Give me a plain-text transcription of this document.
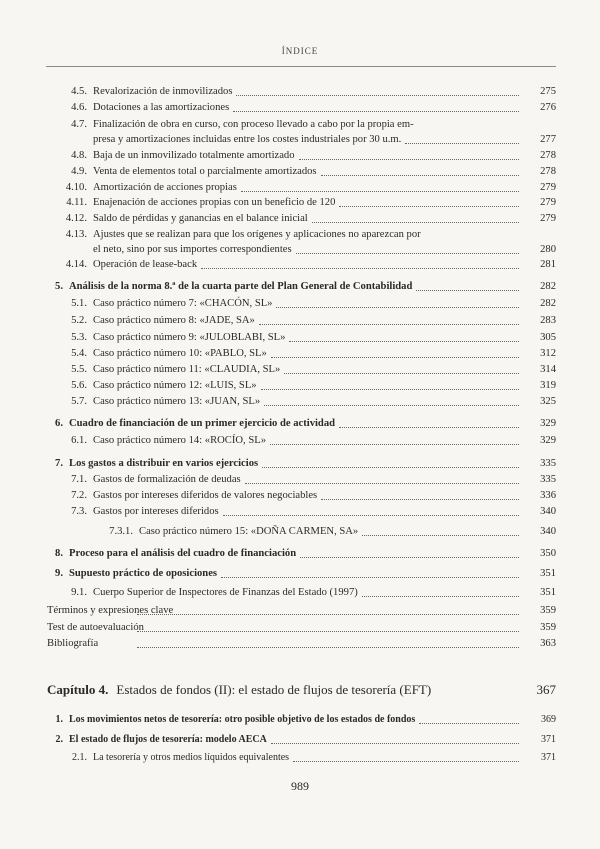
ÍNDICE
4.5. Revalorización de inmovilizados	275
4.6. Dotaciones a las amortizaciones	276
4.7. Finalización de obra en curso, con proceso llevado a cabo por la propia em-
presa y amortizaciones incluidas entre los costes industriales por 30 u.m.	277
4.8. Baja de un inmovilizado totalmente amortizado	278
4.9. Venta de elementos total o parcialmente amortizados	278
4.10. Amortización de acciones propias	279
4.11. Enajenación de acciones propias con un beneficio de 120	279
4.12. Saldo de pérdidas y ganancias en el balance inicial	279
4.13. Ajustes que se realizan para que los orígenes y aplicaciones no aparezcan por
el neto, sino por sus importes correspondientes	280
4.14. Operación de lease-back	281
5. Análisis de la norma 8.ª de la cuarta parte del Plan General de Contabilidad	282
5.1. Caso práctico número 7: «CHACÓN, SL»	282
5.2. Caso práctico número 8: «JADE, SA»	283
5.3. Caso práctico número 9: «JULOBLABI, SL»	305
5.4. Caso práctico número 10: «PABLO, SL»	312
5.5. Caso práctico número 11: «CLAUDIA, SL»	314
5.6. Caso práctico número 12: «LUIS, SL»	319
5.7. Caso práctico número 13: «JUAN, SL»	325
6. Cuadro de financiación de un primer ejercicio de actividad	329
6.1. Caso práctico número 14: «ROCÍO, SL»	329
7. Los gastos a distribuir en varios ejercicios	335
7.1. Gastos de formalización de deudas	335
7.2. Gastos por intereses diferidos de valores negociables	336
7.3. Gastos por intereses diferidos	340
7.3.1. Caso práctico número 15: «DOÑA CARMEN, SA»	340
8. Proceso para el análisis del cuadro de financiación	350
9. Supuesto práctico de oposiciones	351
9.1. Cuerpo Superior de Inspectores de Finanzas del Estado (1997)	351
Términos y expresiones clave	359
Test de autoevaluación	359
Bibliografía	363
Capítulo 4. Estados de fondos (II): el estado de flujos de tesorería (EFT)	367
1. Los movimientos netos de tesorería: otro posible objetivo de los estados de fondos	369
2. El estado de flujos de tesorería: modelo AECA	371
2.1. La tesorería y otros medios líquidos equivalentes	371
989
